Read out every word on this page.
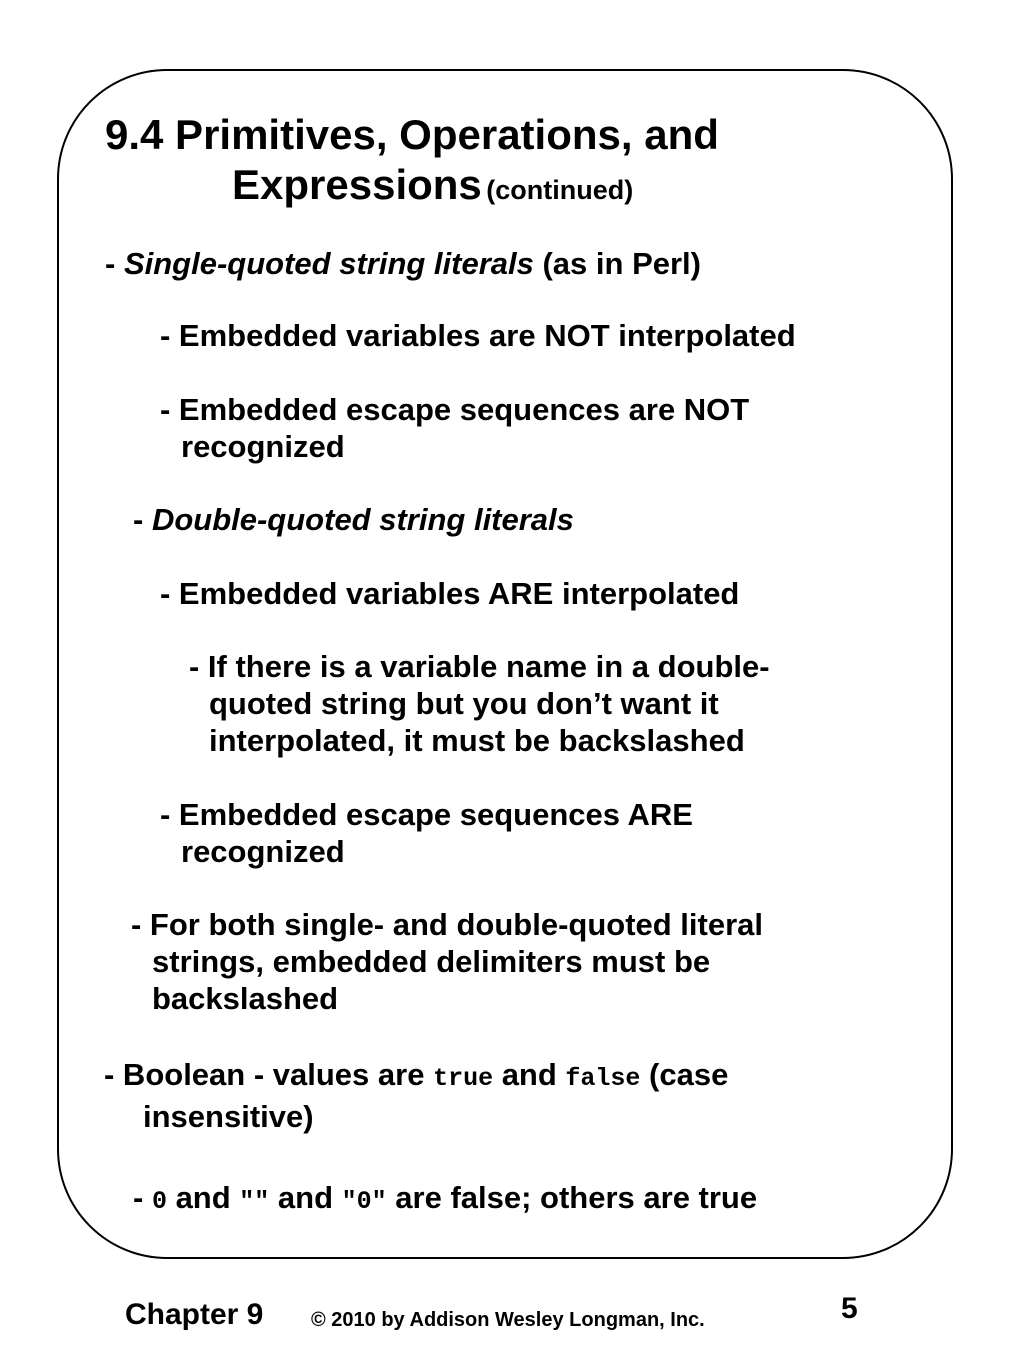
9.4 Primitives, Operations, and
Expressions (continued)
- Single-quoted string literals (as in Perl)
- Embedded variables are NOT interpolated
- Embedded escape sequences are NOT
recognized
- Double-quoted string literals
- Embedded variables ARE interpolated
- If there is a variable name in a double-
quoted string but you don’t want it
interpolated, it must be backslashed
- Embedded escape sequences ARE
recognized
- For both single- and double-quoted literal
strings, embedded delimiters must be
backslashed
- Boolean - values are true and false (case
insensitive)
- 0 and "" and "0" are false; others are true
Chapter 9 © 2010 by Addison Wesley Longman, Inc.	5
